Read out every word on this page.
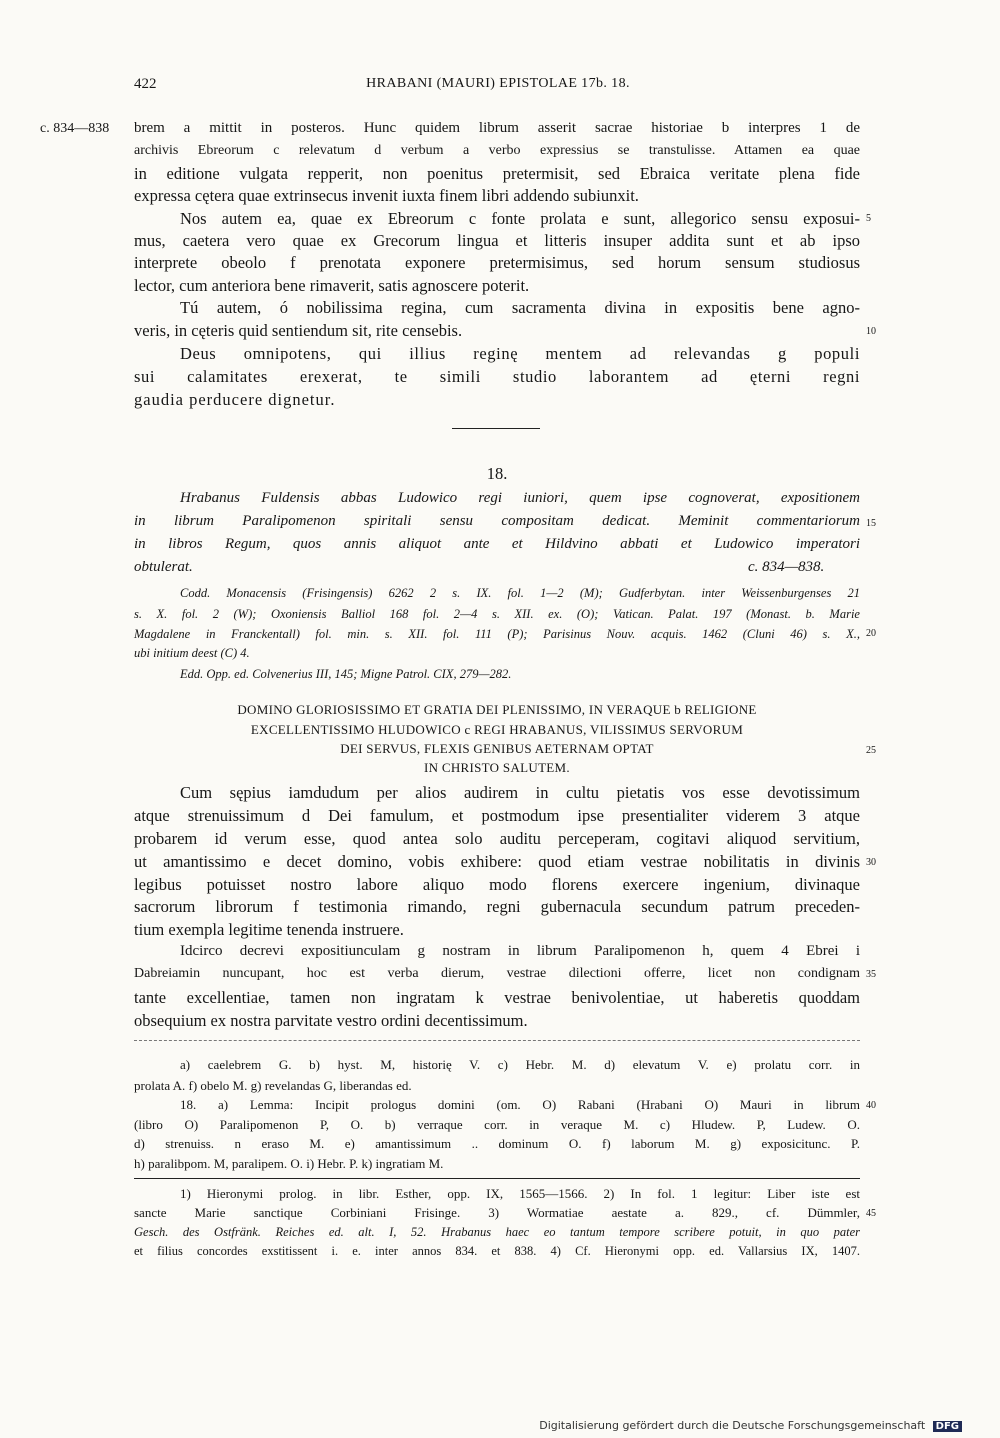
422	HRABANI (MAURI) EPISTOLAE 17b. 18.
c. 834—838 brem a mittit in posteros. Hunc quidem librum asserit sacrae historiae b interpres 1 de
archivis Ebreorum c relevatum d verbum a verbo expressius se transtulisse. Attamen ea quae
in editione vulgata repperit, non poenitus pretermisit, sed Ebraica veritate plena fide
expressa cętera quae extrinsecus invenit iuxta finem libri addendo subiunxit.
Nos autem ea, quae ex Ebreorum c fonte prolata e sunt, allegorico sensu exposui-
mus, caetera vero quae ex Grecorum lingua et litteris insuper addita sunt et ab ipso
interprete obeolo f prenotata exponere pretermisimus, sed horum sensum studiosus
lector, cum anteriora bene rimaverit, satis agnoscere poterit.
Tú autem, ó nobilissima regina, cum sacramenta divina in expositis bene agno-
veris, in cęteris quid sentiendum sit, rite censebis.
Deus omnipotens, qui illius reginę mentem ad relevandas g populi
sui calamitates erexerat, te simili studio laborantem ad ęterni regni
gaudia perducere dignetur.
18.
Hrabanus Fuldensis abbas Ludowico regi iuniori, quem ipse cognoverat, expositionem
in librum Paralipomenon spiritali sensu compositam dedicat. Meminit commentariorum
in libros Regum, quos annis aliquot ante et Hildvino abbati et Ludowico imperatori
obtulerat.	c. 834—838.
Codd. Monacensis (Frisingensis) 6262 2 s. IX. fol. 1—2 (M); Gudferbytan. inter Weissenburgenses 21
s. X. fol. 2 (W); Oxoniensis Balliol 168 fol. 2—4 s. XII. ex. (O); Vatican. Palat. 197 (Monast. b. Marie
Magdalene in Franckentall) fol. min. s. XII. fol. 111 (P); Parisinus Nouv. acquis. 1462 (Cluni 46) s. X.,
ubi initium deest (C) 4.
Edd. Opp. ed. Colvenerius III, 145; Migne Patrol. CIX, 279—282.
DOMINO GLORIOSISSIMO ET GRATIA DEI PLENISSIMO, IN VERAQUE b RELIGIONE
EXCELLENTISSIMO HLUDOWICO c REGI HRABANUS, VILISSIMUS SERVORUM
DEI SERVUS, FLEXIS GENIBUS AETERNAM OPTAT
IN CHRISTO SALUTEM.
Cum sępius iamdudum per alios audirem in cultu pietatis vos esse devotissimum
atque strenuissimum d Dei famulum, et postmodum ipse presentialiter viderem 3 atque
probarem id verum esse, quod antea solo auditu perceperam, cogitavi aliquod servitium,
ut amantissimo e decet domino, vobis exhibere: quod etiam vestrae nobilitatis in divinis
legibus potuisset nostro labore aliquo modo florens exercere ingenium, divinaque
sacrorum librorum f testimonia rimando, regni gubernacula secundum patrum preceden-
tium exempla legitime tenenda instruere.
Idcirco decrevi expositiunculam g nostram in librum Paralipomenon h, quem 4 Ebrei i
Dabreiamin nuncupant, hoc est verba dierum, vestrae dilectioni offerre, licet non condignam
tante excellentiae, tamen non ingratam k vestrae benivolentiae, ut haberetis quoddam
obsequium ex nostra parvitate vestro ordini decentissimum.
a) caelebrem G. b) hyst. M, historię V. c) Hebr. M. d) elevatum V. e) prolatu corr. in
prolata A. f) obelo M. g) revelandas G, liberandas ed.
18. a) Lemma: Incipit prologus domini (om. O) Rabani (Hrabani O) Mauri in librum
(libro O) Paralipomenon P, O. b) verraque corr. in veraque M. c) Hludew. P, Ludew. O.
d) strenuiss. n eraso M. e) amantissimum .. dominum O. f) laborum M. g) exposicitunc. P.
h) paralibpom. M, paralipem. O. i) Hebr. P. k) ingratiam M.
1) Hieronymi prolog. in libr. Esther, opp. IX, 1565—1566. 2) In fol. 1 legitur: Liber iste est
sancte Marie sanctique Corbiniani Frisinge. 3) Wormatiae aestate a. 829., cf. Dümmler,
Gesch. des Ostfränk. Reiches ed. alt. I, 52. Hrabanus haec eo tantum tempore scribere potuit, in quo pater
et filius concordes exstitissent i. e. inter annos 834. et 838. 4) Cf. Hieronymi opp. ed. Vallarsius IX, 1407.
5
10
15
20
25
30
35
40
45
Digitalisierung gefördert durch die Deutsche Forschungsgemeinschaft DFG
